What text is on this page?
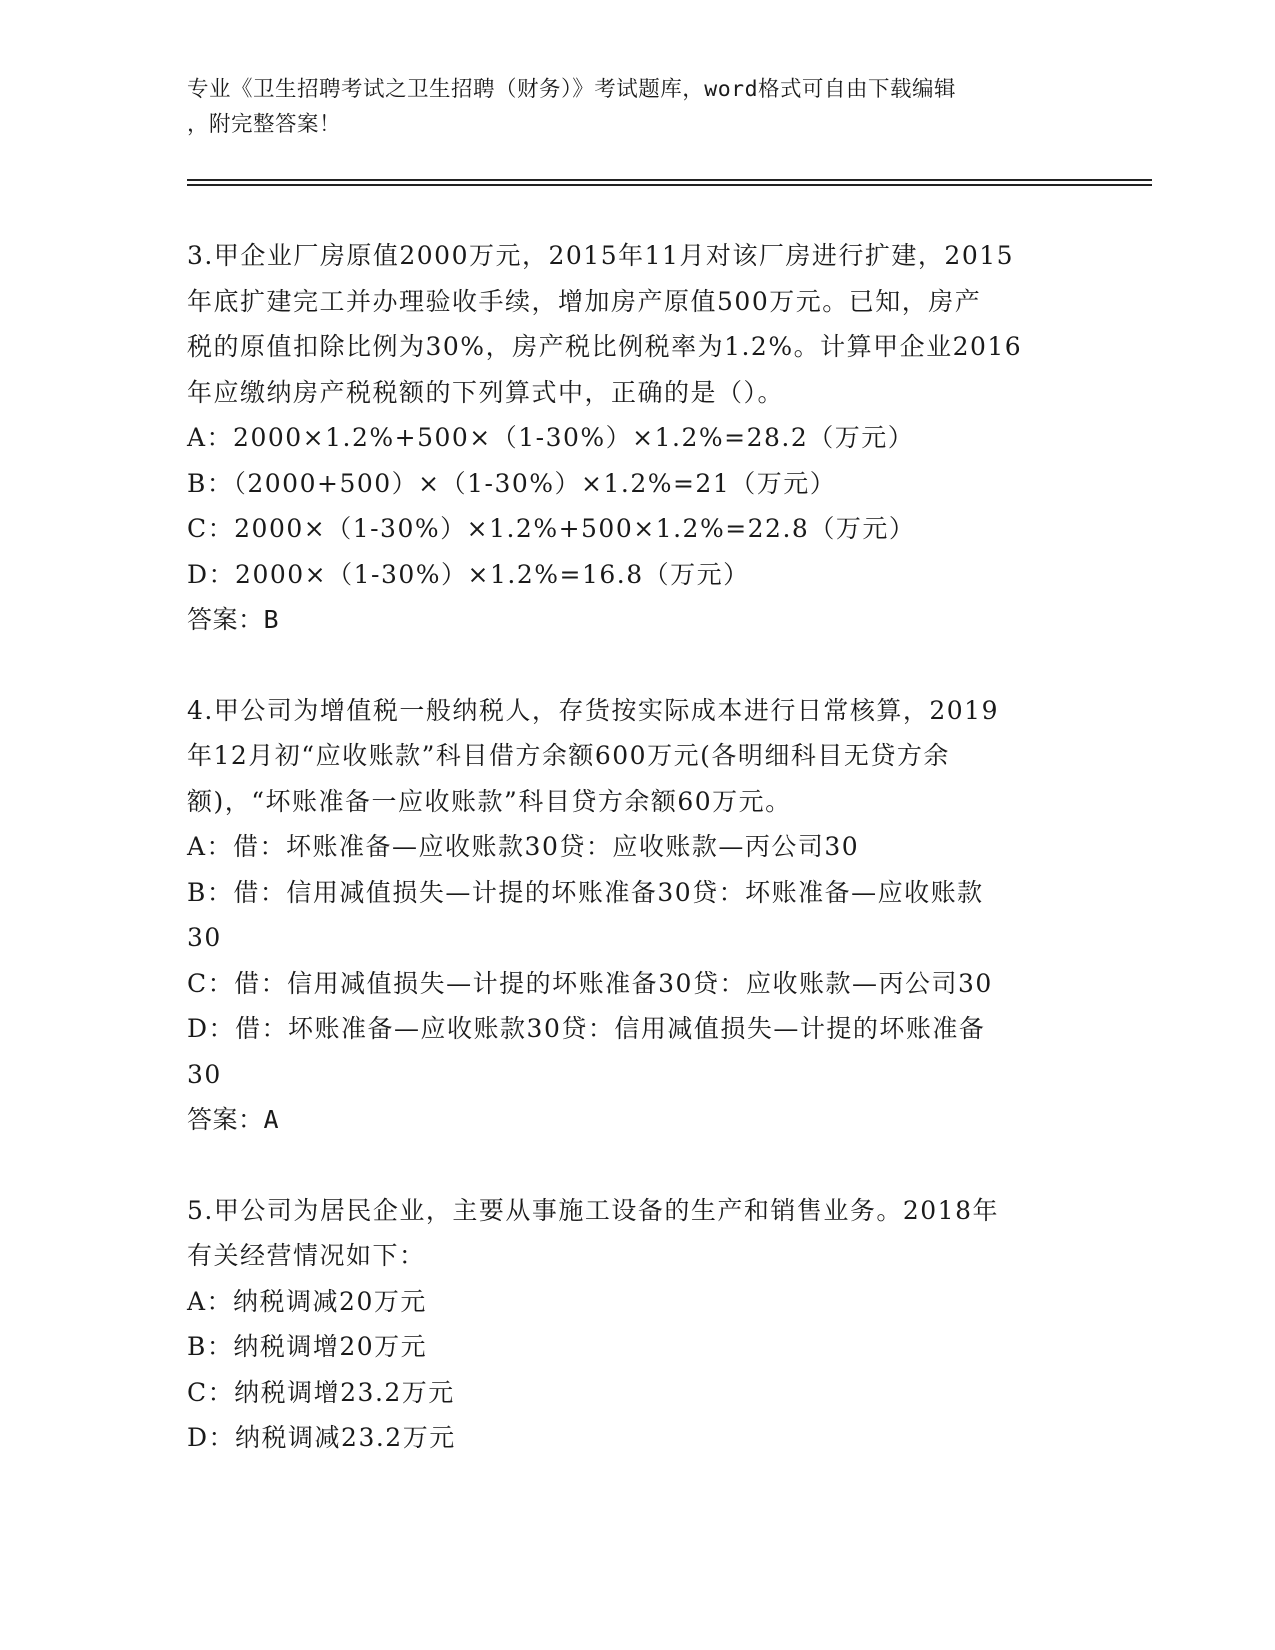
专业《卫生招聘考试之卫生招聘（财务）》考试题库，word格式可自由下载编辑
，附完整答案！
3.甲企业厂房原值2000万元，2015年11月对该厂房进行扩建，2015
年底扩建完工并办理验收手续，增加房产原值500万元。已知，房产
税的原值扣除比例为30%，房产税比例税率为1.2%。计算甲企业2016
年应缴纳房产税税额的下列算式中，正确的是（）。
A：2000×1.2%+500×（1-30%）×1.2%=28.2（万元）
B：（2000+500）×（1-30%）×1.2%=21（万元）
C：2000×（1-30%）×1.2%+500×1.2%=22.8（万元）
D：2000×（1-30%）×1.2%=16.8（万元）
答案：B
4.甲公司为增值税一般纳税人，存货按实际成本进行日常核算，2019
年12月初“应收账款”科目借方余额600万元(各明细科目无贷方余
额)，“坏账准备一应收账款”科目贷方余额60万元。
A：借：坏账准备—应收账款30贷：应收账款—丙公司30
B：借：信用减值损失—计提的坏账准备30贷：坏账准备—应收账款
30
C：借：信用减值损失—计提的坏账准备30贷：应收账款—丙公司30
D：借：坏账准备—应收账款30贷：信用减值损失—计提的坏账准备
30
答案：A
5.甲公司为居民企业，主要从事施工设备的生产和销售业务。2018年
有关经营情况如下：
A：纳税调减20万元
B：纳税调增20万元
C：纳税调增23.2万元
D：纳税调减23.2万元
